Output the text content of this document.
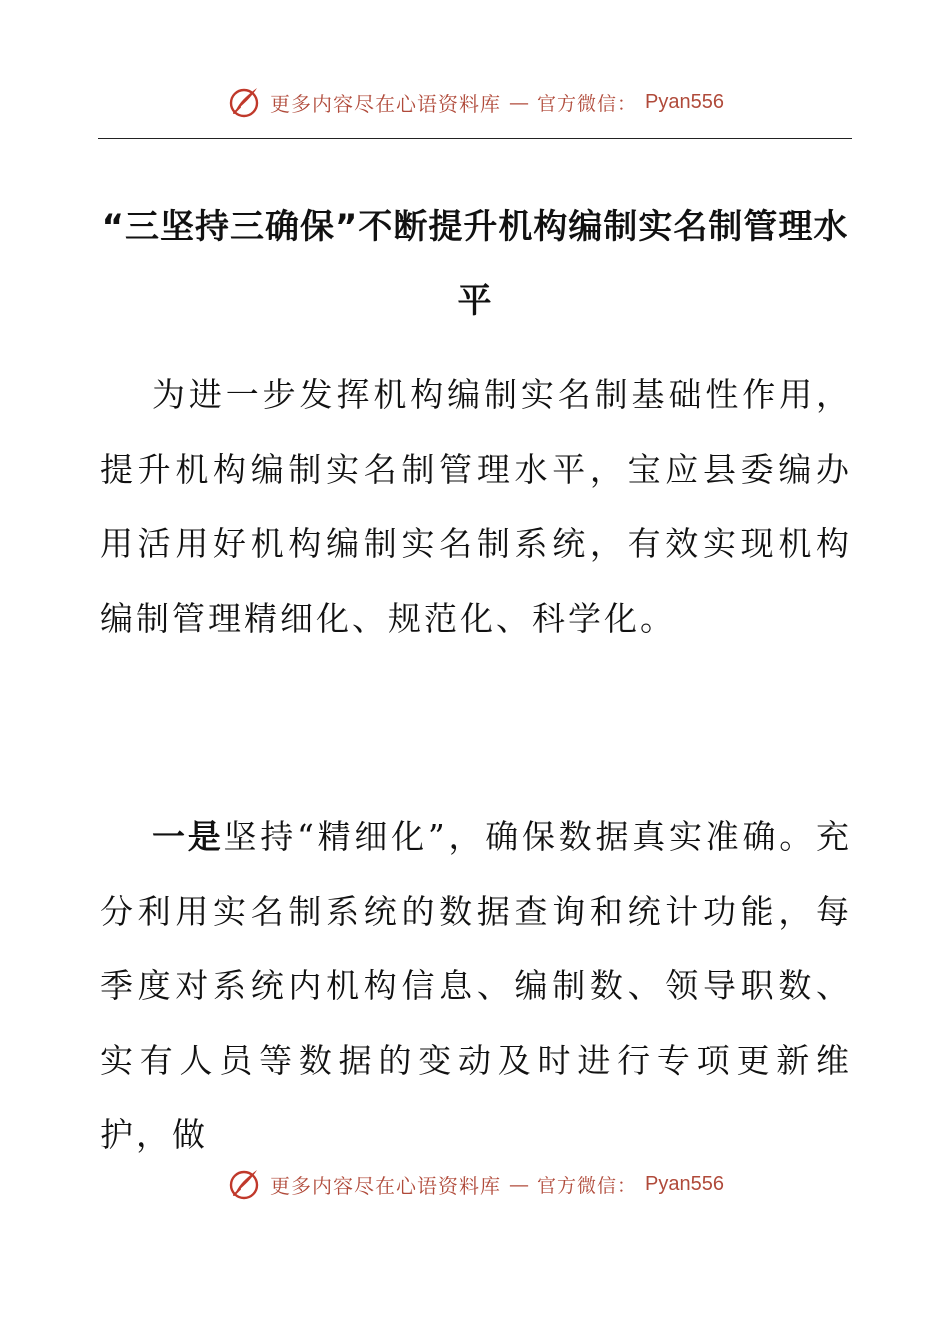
更多内容尽在心语资料库 — 官方微信： Pyan556
“三坚持三确保”不断提升机构编制实名制管理水平

为进一步发挥机构编制实名制基础性作用，提升机构编制实名制管理水平，宝应县委编办用活用好机构编制实名制系统，有效实现机构编制管理精细化、规范化、科学化。

一是坚持“精细化”，确保数据真实准确。充分利用实名制系统的数据查询和统计功能，每季度对系统内机构信息、编制数、领导职数、实有人员等数据的变动及时进行专项更新维护，做

更多内容尽在心语资料库 — 官方微信： Pyan556
